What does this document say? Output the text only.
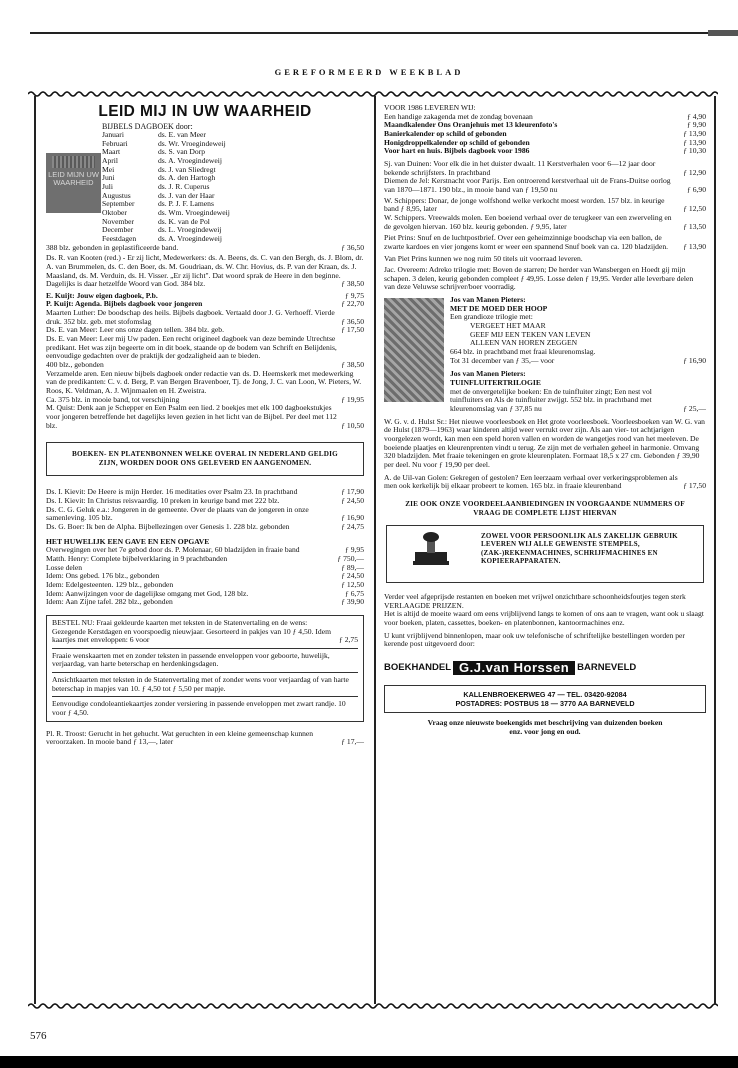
GEREFORMEERD WEEKBLAD
LEID MIJ IN UW WAARHEID
BIJBELS DAGBOEK door:
LEID MIJN UW WAARHEID
Januari	ds. E. van Meer
Februari	ds. Wr. Vroegindeweij
Maart	ds. S. van Dorp
April	ds. A. Vroegindeweij
Mei	ds. J. van Sliedregt
Juni	ds. A. den Hartogh
Juli	ds. J. R. Cuperus
Augustus	ds. J. van der Haar
September	ds. P. J. F. Lamens
Oktober	ds. Wm. Vroegindeweij
November	ds. K. van de Pol
December	ds. L. Vroegindeweij
Feestdagen	ds. A. Vroegindeweij
388 blz. gebonden in geplastificeerde band.	ƒ 36,50

Ds. R. van Kooten (red.) - Er zij licht, Medewerkers: ds. A. Beens, ds. C. van den Bergh, ds. J. Blom, dr. A. van Brummelen, ds. C. den Boer, ds. M. Goudriaan, ds. W. Chr. Hovius, ds. P. van der Kraan, ds. J. Maasland, ds. M. Verduin, ds. H. Visser. „Er zij licht". Dat woord sprak de Heere in den beginne. Dagelijks is daar hetzelfde Woord van God. 384 blz.	ƒ 38,50

E. Kuijt: Jouw eigen dagboek, P.b.	ƒ 9,75
P. Kuijt: Agenda. Bijbels dagboek voor jongeren	ƒ 22,70
Maarten Luther: De boodschap des heils. Bijbels dagboek. Vertaald door J. G. Verhoeff. Vierde druk. 352 blz. geb. met stofomslag	ƒ 36,50
Ds. E. van Meer: Leer ons onze dagen tellen. 384 blz. geb.	ƒ 17,50
Ds. E. van Meer: Leer mij Uw paden. Een recht origineel dagboek van deze beminde Utrechtse predikant. Het was zijn begeerte om in dit boek, staande op de bodem van Schrift en Belijdenis, eenvoudige gedachten over de praktijk der godzaligheid aan te bieden.
400 blz., gebonden	ƒ 38,50
Verzamelde aren. Een nieuw bijbels dagboek onder redactie van ds. D. Heemskerk met medewerking van de predikanten: C. v. d. Berg, P. van Bergen Bravenboer, Tj. de Jong, J. C. van Loon, W. Pieters, W. Roos, K. Veldman, A. J. Wijnmaalen en H. Zweistra.
Ca. 375 blz. in mooie band, tot verschijning	ƒ 19,95
M. Quist: Denk aan je Schepper en Een Psalm een lied. 2 boekjes met elk 100 dagboekstukjes voor jongeren betreffende het dagelijks leven gezien in het licht van de Bijbel. Per deel met 112 blz.	ƒ 10,50
BOEKEN- EN PLATENBONNEN WELKE OVERAL IN NEDERLAND GELDIG ZIJN, WORDEN DOOR ONS GELEVERD EN AANGENOMEN.
Ds. I. Kievit: De Heere is mijn Herder. 16 meditaties over Psalm 23. In prachtband	ƒ 17,90
Ds. I. Kievit: In Christus reisvaardig. 10 preken in keurige band met 222 blz.	ƒ 24,50
Ds. C. G. Geluk e.a.: Jongeren in de gemeente. Over de plaats van de jongeren in onze samenleving. 105 blz.	ƒ 16,90
Ds. G. Boer: Ik ben de Alpha. Bijbellezingen over Genesis 1. 228 blz. gebonden	ƒ 24,75
HET HUWELIJK EEN GAVE EN EEN OPGAVE
Overwegingen over het 7e gebod door ds. P. Molenaar, 60 bladzijden in fraaie band	ƒ 9,95
Matth. Henry: Complete bijbelverklaring in 9 prachtbanden	ƒ 750,—
Losse delen	ƒ 89,—
Idem: Ons gebed. 176 blz., gebonden	ƒ 24,50
Idem: Edelgesteenten. 129 blz., gebonden	ƒ 12,50
Idem: Aanwijzingen voor de dagelijkse omgang met God, 128 blz.	ƒ 6,75
Idem: Aan Zijne tafel. 282 blz., gebonden	ƒ 39,90
BESTEL NU: Fraai gekleurde kaarten met teksten in de Statenvertaling en de wens: Gezegende Kerstdagen en voorspoedig nieuwjaar. Gesorteerd in pakjes van 10 ƒ 4,50. Idem kaartjes met enveloppen: 6 voor	ƒ 2,75
Fraaie wenskaarten met en zonder teksten in passende enveloppen voor geboorte, huwelijk, verjaardag, van harte beterschap en herdenkingsdagen.
Ansichtkaarten met teksten in de Statenvertaling met of zonder wens voor verjaardag of van harte beterschap in mapjes van 10. ƒ 4,50 tot ƒ 5,50 per mapje.
Eenvoudige condoleantiekaartjes zonder versiering in passende enveloppen met zwart randje. 10 voor ƒ 4,50.
Pl. R. Troost: Gerucht in het gehucht. Wat geruchten in een kleine gemeenschap kunnen veroorzaken. In mooie band ƒ 13,—, later	ƒ 17,—
VOOR 1986 LEVEREN WIJ:
Een handige zakagenda met de zondag bovenaan	ƒ 4,90
Maandkalender Ons Oranjehuis met 13 kleurenfoto's	ƒ 9,90
Banierkalender op schild of gebonden	ƒ 13,90
Honigdroppelkalender op schild of gebonden	ƒ 13,90
Voor hart en huis. Bijbels dagboek voor 1986	ƒ 10,30
Sj. van Duinen: Voor elk die in het duister dwaalt. 11 Kerstverhalen voor 6—12 jaar door bekende schrijfsters. In prachtband	ƒ 12,90
Diemen de Jel: Kerstnacht voor Parijs. Een ontroerend kerstverhaal uit de Frans-Duitse oorlog van 1870—1871. 190 blz., in mooie band van ƒ 19,50 nu	ƒ 6,90
W. Schippers: Donar, de jonge wolfshond welke verkocht moest worden. 157 blz. in keurige band ƒ 8,95, later	ƒ 12,50
W. Schippers. Vreewalds molen. Een boeiend verhaal over de terugkeer van een zwerveling en de gevolgen hiervan. 160 blz. keurig gebonden. ƒ 9,95, later	ƒ 13,50
Piet Prins: Snuf en de luchtpostbrief. Over een geheimzinnige boodschap via een ballon, de zwarte kardoes en vier jongens komt er weer een spannend Snuf boek van ca. 120 bladzijden.	ƒ 13,90
Van Piet Prins kunnen we nog ruim 50 titels uit voorraad leveren.
Jac. Overeem: Adreko trilogie met: Boven de starren; De herder van Wansbergen en Hoedt gij mijn schapen. 3 delen, keurig gebonden compleet ƒ 49,95. Losse delen ƒ 19,95. Verder alle leverbare delen van deze Veluwse schrijver/boer voorradig.
Jos van Manen Pieters:
MET DE MOED DER HOOP
Een grandioze trilogie met:
VERGEET HET MAAR
GEEF MIJ EEN TEKEN VAN LEVEN
ALLEEN VAN HOREN ZEGGEN
664 blz. in prachtband met fraai kleurenomslag.
Tot 31 december van ƒ 35,— voor	ƒ 16,90
Jos van Manen Pieters:
TUINFLUITERTRILOGIE
met de onvergetelijke boeken: En de tuinfluiter zingt; Een nest vol tuinfluiters en Als de tuinfluiter zwijgt. 552 blz. in prachtband met kleurenomslag van ƒ 37,85 nu	ƒ 25,—
W. G. v. d. Hulst Sr.: Het nieuwe voorleesboek en Het grote voorleesboek. Voorleesboeken van W. G. van de Hulst (1879—1963) waar kinderen altijd weer verrukt over zijn. Als aan vier- tot achtjarigen voorgelezen wordt, kan men een speld horen vallen en worden de wangetjes rood van het meeleven. De boeiende plaatjes en kleurenprenten vindt u terug. Ze zijn met de verhalen geheel in harmonie. Omvang 320 bladzijden. Met fraaie tekeningen en grote kleurenplaten. Formaat 18,5 x 27 cm. Gebonden ƒ 39,90 per deel. Nu voor ƒ 19,90 per deel.
A. de Uil-van Golen: Gekregen of gestolen? Een leerzaam verhaal over verkeringsproblemen als men ook kerkelijk bij elkaar probeert te komen. 165 blz. in fraaie kleurenband	ƒ 17,50
ZIE OOK ONZE VOORDEELAANBIEDINGEN IN VOORGAANDE NUMMERS OF VRAAG DE COMPLETE LIJST HIERVAN
ZOWEL VOOR PERSOONLIJK ALS ZAKELIJK GEBRUIK LEVEREN WIJ ALLE GEWENSTE STEMPELS, (ZAK-)REKENMACHINES, SCHRIJFMACHINES EN KOPIEERAPPARATEN.
Verder veel afgeprijsde restanten en boeken met vrijwel onzichtbare schoonheidsfoutjes tegen sterk VERLAAGDE PRIJZEN.
Het is altijd de moeite waard om eens vrijblijvend langs te komen of ons aan te vragen, want ook u slaagt voor boeken, platen, cassettes, boeken- en platenbonnen, kantoormachines enz.
U kunt vrijblijvend binnenlopen, maar ook uw telefonische of schriftelijke bestellingen worden per kerende post uitgevoerd door:
BOEKHANDEL G.J.van Horssen BARNEVELD
KALLENBROEKERWEG 47 — TEL. 03420-92084
POSTADRES: POSTBUS 18 — 3770 AA BARNEVELD
Vraag onze nieuwste boekengids met beschrijving van duizenden boeken enz. voor jong en oud.
576
